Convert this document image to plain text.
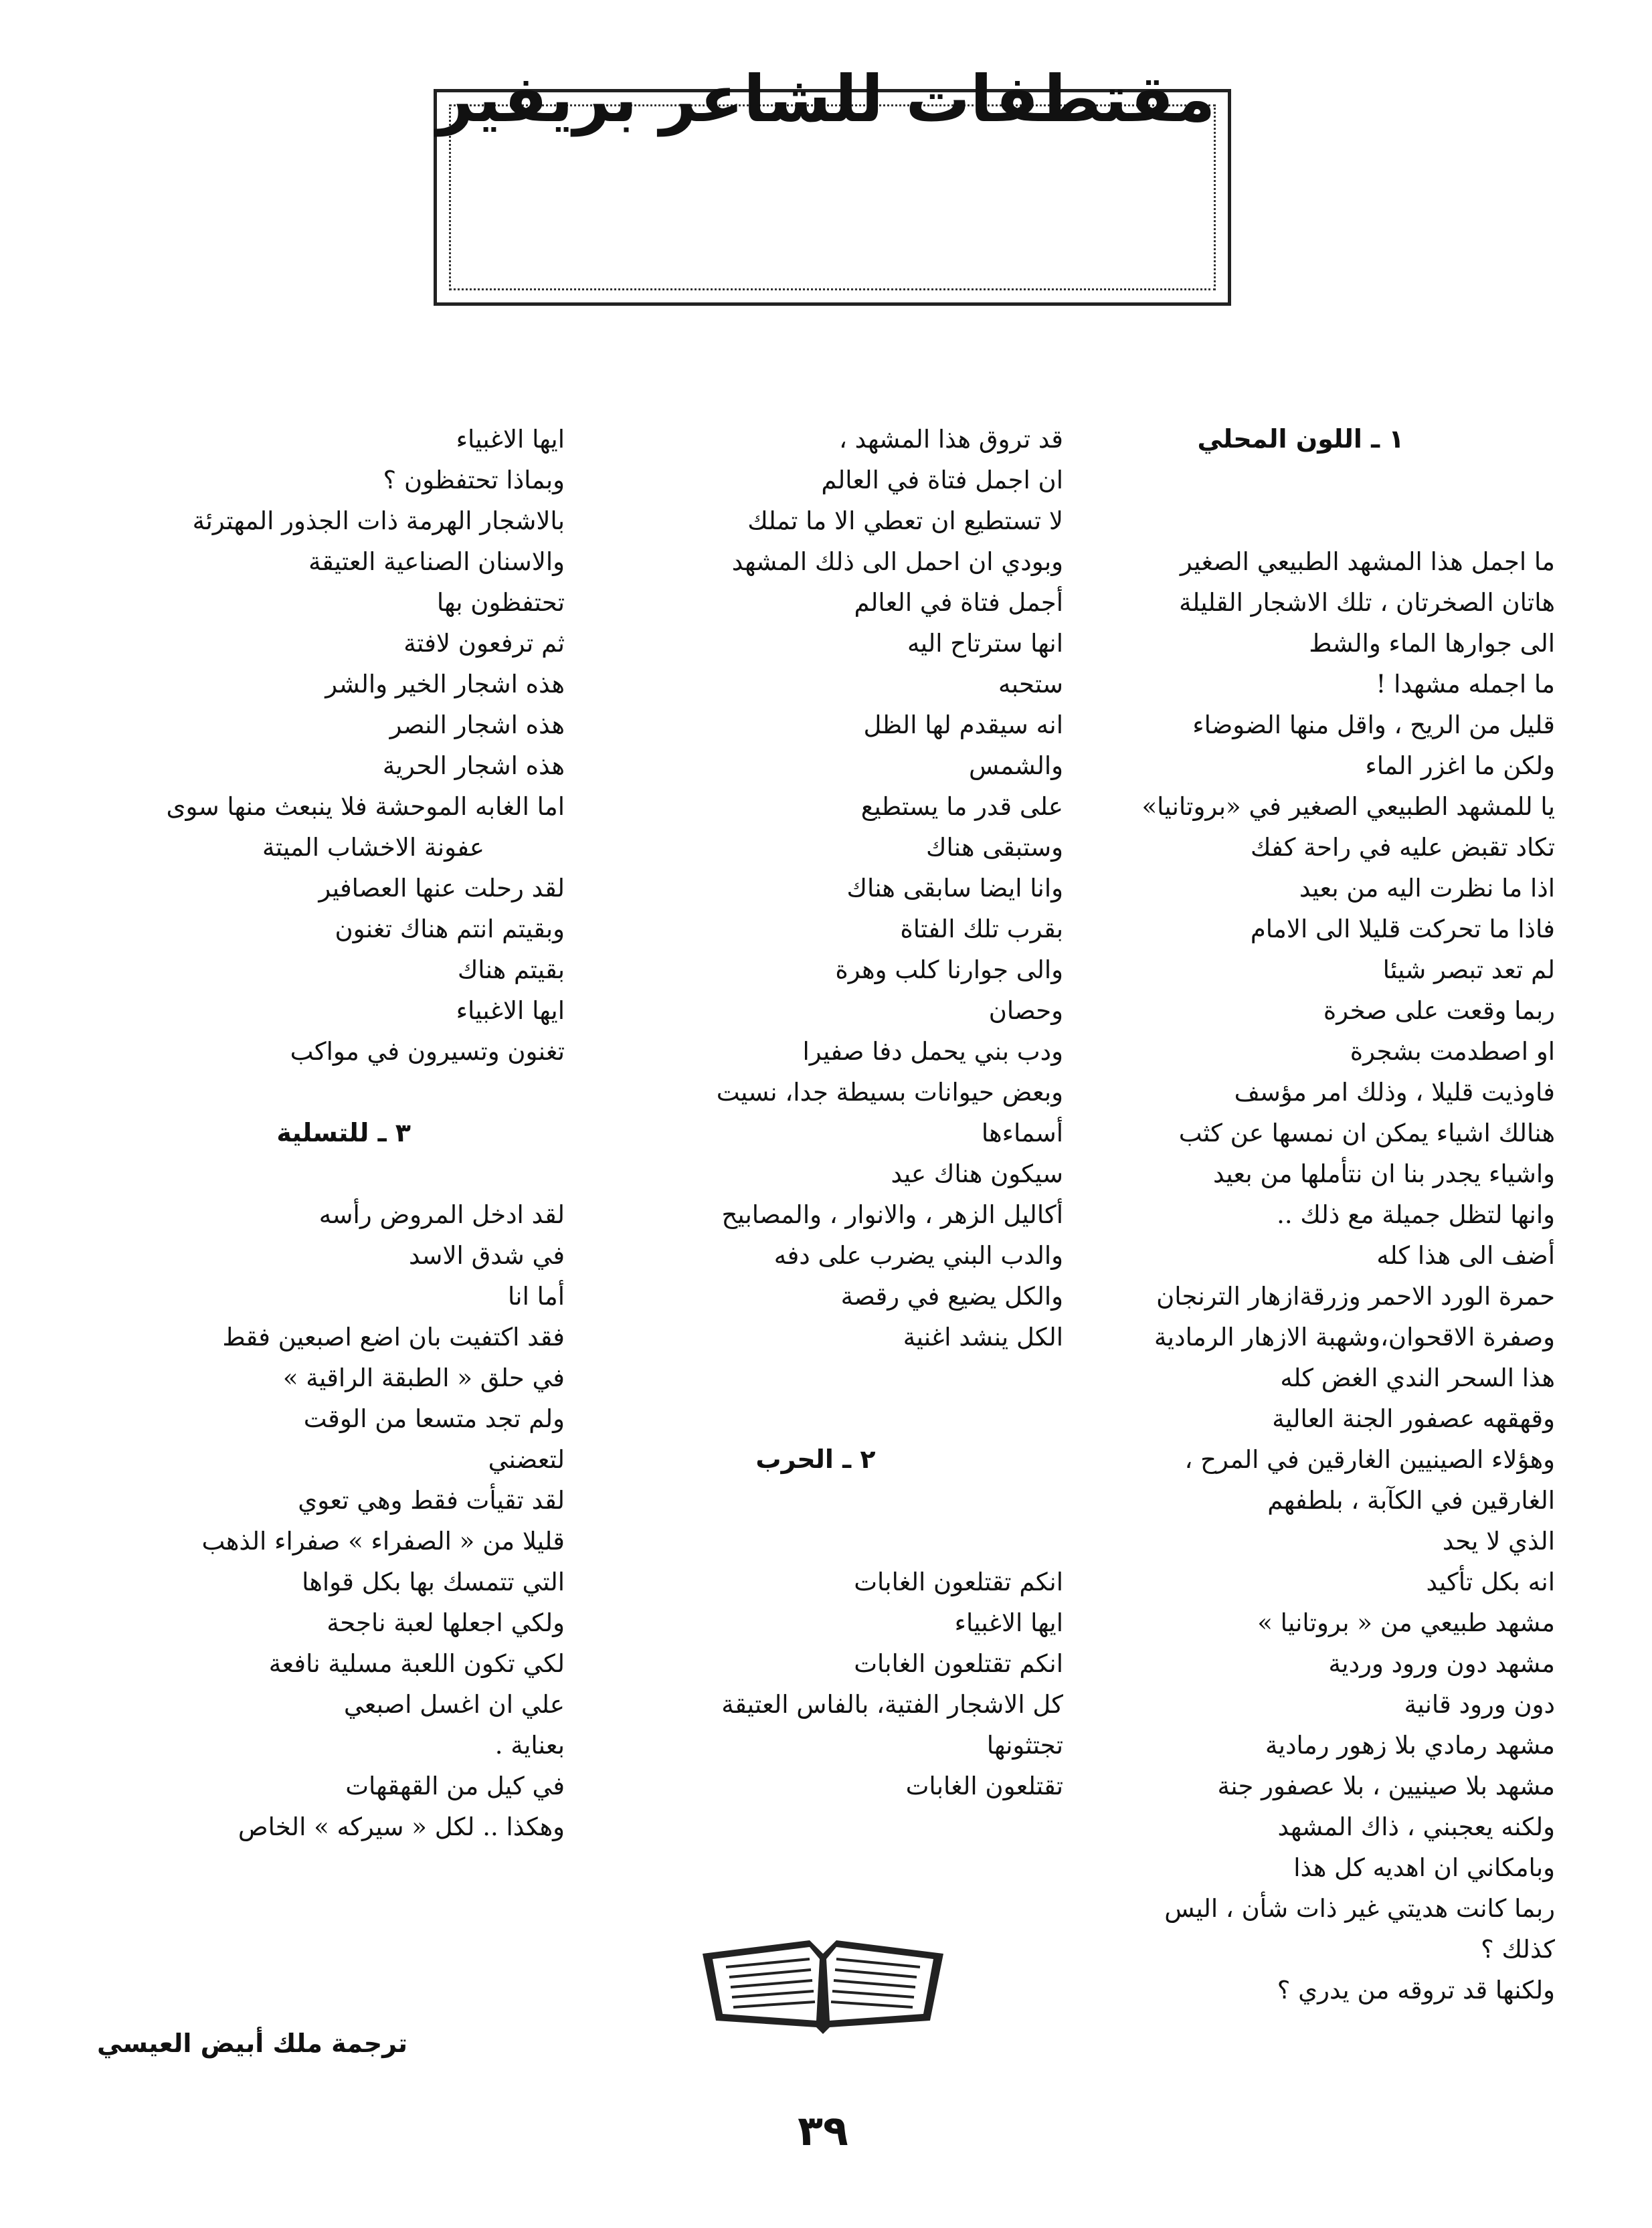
مقتطفات للشاعر بريفير
١ ـ اللون المحلي
ما اجمل هذا المشهد الطبيعي الصغير
هاتان الصخرتان ، تلك الاشجار القليلة
الى جوارها الماء والشط
ما اجمله مشهدا !
قليل من الريح ، واقل منها الضوضاء
ولكن ما اغزر الماء
يا للمشهد الطبيعي الصغير في «بروتانيا»
تكاد تقبض عليه في راحة كفك
اذا ما نظرت اليه من بعيد
فاذا ما تحركت قليلا الى الامام
لم تعد تبصر شيئا
ربما وقعت على صخرة
او اصطدمت بشجرة
فاوذيت قليلا ، وذلك امر مؤسف
هنالك اشياء يمكن ان نمسها عن كثب
واشياء يجدر بنا ان نتأملها من بعيد
وانها لتظل جميلة مع ذلك ..
أضف الى هذا كله
حمرة الورد الاحمر وزرقةازهار الترنجان
وصفرة الاقحوان،وشهبة الازهار الرمادية
هذا السحر الندي الغض كله
وقهقهه عصفور الجنة العالية
وهؤلاء الصينيين الغارقين في المرح ،
الغارقين في الكآبة ، بلطفهم
الذي لا يحد
انه بكل تأكيد
مشهد طبيعي من « بروتانيا »
مشهد دون ورود وردية
دون ورود قانية
مشهد رمادي بلا زهور رمادية
مشهد بلا صينيين ، بلا عصفور جنة
ولكنه يعجبني ، ذاك المشهد
وبامكاني ان اهديه كل هذا
ربما كانت هديتي غير ذات شأن ، اليس
كذلك ؟
ولكنها قد تروقه من يدري ؟
قد تروق هذا المشهد ،
ان اجمل فتاة في العالم
لا تستطيع ان تعطي الا ما تملك
وبودي ان احمل الى ذلك المشهد
أجمل فتاة في العالم
انها سترتاح اليه
ستحبه
انه سيقدم لها الظل
والشمس
على قدر ما يستطيع
وستبقى هناك
وانا ايضا سابقى هناك
بقرب تلك الفتاة
والى جوارنا كلب وهرة
وحصان
ودب بني يحمل دفا صفيرا
وبعض حيوانات بسيطة جدا، نسيت
أسماءها
سيكون هناك عيد
أكاليل الزهر ، والانوار ، والمصابيح
والدب البني يضرب على دفه
والكل يضيع في رقصة
الكل ينشد اغنية
٢ ـ الحرب
انكم تقتلعون الغابات
ايها الاغبياء
انكم تقتلعون الغابات
كل الاشجار الفتية، بالفاس العتيقة
تجتثونها
تقتلعون الغابات
ايها الاغبياء
وبماذا تحتفظون ؟
بالاشجار الهرمة ذات الجذور المهترئة
والاسنان الصناعية العتيقة
تحتفظون بها
ثم ترفعون لافتة
هذه اشجار الخير والشر
هذه اشجار النصر
هذه اشجار الحرية
اما الغابه الموحشة فلا ينبعث منها سوى
عفونة الاخشاب الميتة
لقد رحلت عنها العصافير
وبقيتم انتم هناك تغنون
بقيتم هناك
ايها الاغبياء
تغنون وتسيرون في مواكب
٣ ـ للتسلية
لقد ادخل المروض رأسه
في شدق الاسد
أما انا
فقد اكتفيت بان اضع اصبعين فقط
في حلق « الطبقة الراقية »
ولم تجد متسعا من الوقت
لتعضني
لقد تقيأت فقط وهي تعوي
قليلا من « الصفراء » صفراء الذهب
التي تتمسك بها بكل قواها
ولكي اجعلها لعبة ناجحة
لكي تكون اللعبة مسلية نافعة
علي ان اغسل اصبعي
بعناية .
في كيل من القهقهات
وهكذا .. لكل « سيركه » الخاص
ترجمة ملك أبيض العيسي
٣٩
